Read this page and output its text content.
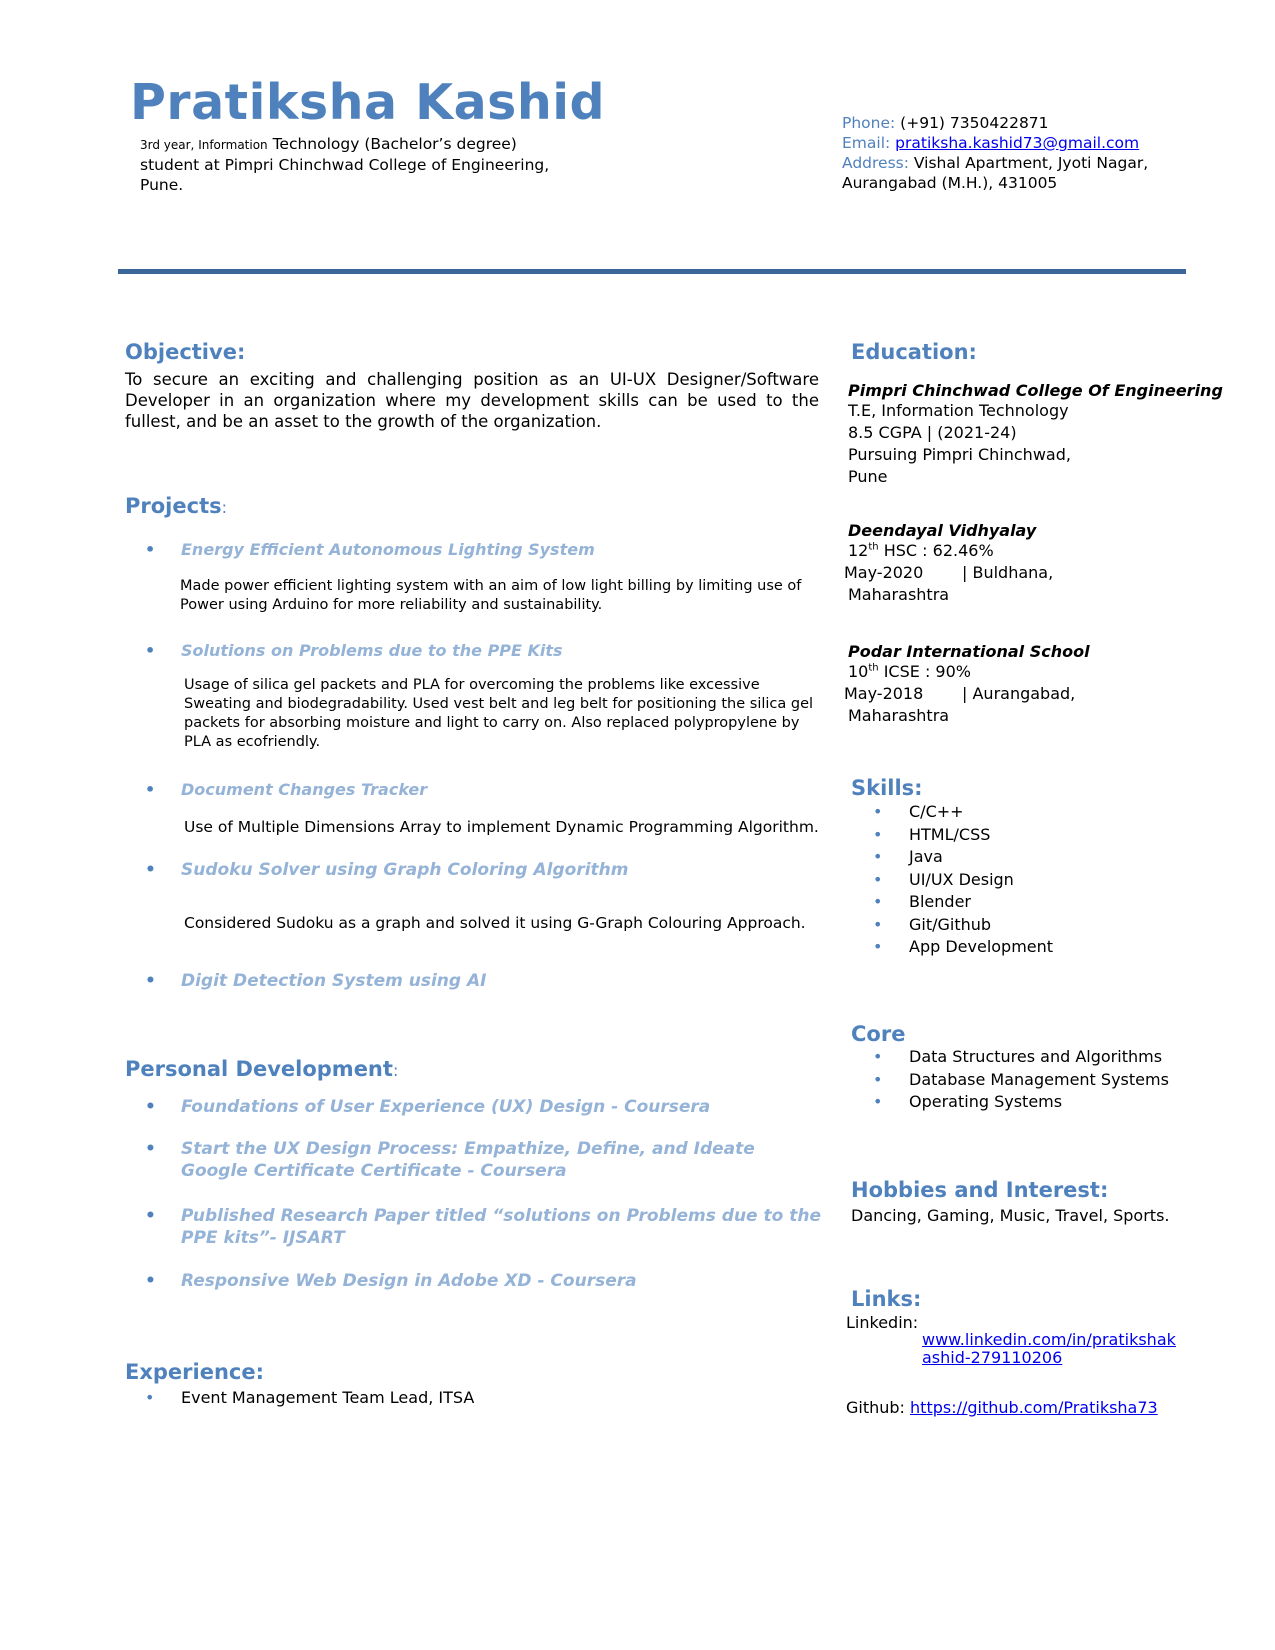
Pratiksha Kashid
3rd year, Information Technology (Bachelor’s degree) student at Pimpri Chinchwad College of Engineering, Pune.
Phone: (+91) 7350422871
Email: pratiksha.kashid73@gmail.com
Address: Vishal Apartment, Jyoti Nagar,
Aurangabad (M.H.), 431005
Objective:
To secure an exciting and challenging position as an UI-UX Designer/Software Developer in an organization where my development skills can be used to the fullest, and be an asset to the growth of the organization.
Projects:
• Energy Efficient Autonomous Lighting System
Made power efficient lighting system with an aim of low light billing by limiting use of Power using Arduino for more reliability and sustainability.
• Solutions on Problems due to the PPE Kits
Usage of silica gel packets and PLA for overcoming the problems like excessive Sweating and biodegradability. Used vest belt and leg belt for positioning the silica gel packets for absorbing moisture and light to carry on. Also replaced polypropylene by PLA as ecofriendly.
• Document Changes Tracker
Use of Multiple Dimensions Array to implement Dynamic Programming Algorithm.
• Sudoku Solver using Graph Coloring Algorithm
Considered Sudoku as a graph and solved it using G-Graph Colouring Approach.
• Digit Detection System using AI
Personal Development:
• Foundations of User Experience (UX) Design - Coursera
• Start the UX Design Process: Empathize, Define, and Ideate Google Certificate Certificate - Coursera
• Published Research Paper titled “solutions on Problems due to the PPE kits”- IJSART
• Responsive Web Design in Adobe XD - Coursera
Experience:
• Event Management Team Lead, ITSA
Education:
Pimpri Chinchwad College Of Engineering
T.E, Information Technology
8.5 CGPA | (2021-24)
Pursuing Pimpri Chinchwad,
Pune
Deendayal Vidhyalay
12th HSC : 62.46%
May-2020 | Buldhana,
Maharashtra
Podar International School
10th ICSE : 90%
May-2018 | Aurangabad,
Maharashtra
Skills:
• C/C++
• HTML/CSS
• Java
• UI/UX Design
• Blender
• Git/Github
• App Development
Core
• Data Structures and Algorithms
• Database Management Systems
• Operating Systems
Hobbies and Interest:
Dancing, Gaming, Music, Travel, Sports.
Links:
Linkedin:
www.linkedin.com/in/pratikshak
ashid-279110206
Github: https://github.com/Pratiksha73
